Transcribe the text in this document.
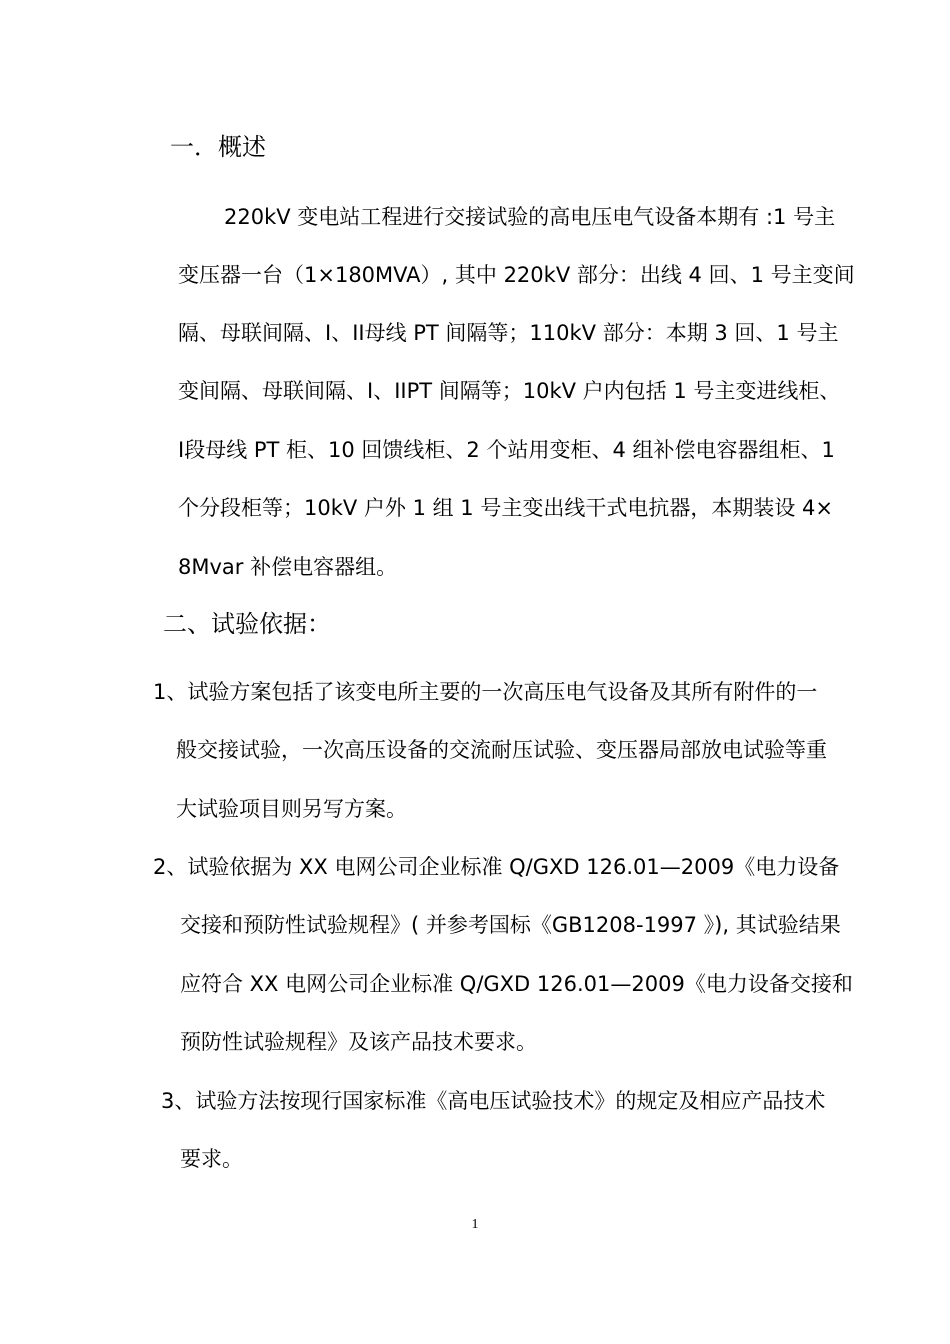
一．概述
220kV 变电站工程进行交接试验的高电压电气设备本期有 :1 号主
变压器一台（1×180MVA）, 其中 220kV 部分：出线 4 回、1 号主变间
隔、母联间隔、I、II母线 PT 间隔等；110kV 部分：本期 3 回、1 号主
变间隔、母联间隔、I、IIPT 间隔等；10kV 户内包括 1 号主变进线柜、
I段母线 PT 柜、10 回馈线柜、2 个站用变柜、4 组补偿电容器组柜、1
个分段柜等；10kV 户外 1 组 1 号主变出线干式电抗器，本期装设 4×
8Mvar 补偿电容器组。
二、试验依据：
1、试验方案包括了该变电所主要的一次高压电气设备及其所有附件的一
般交接试验，一次高压设备的交流耐压试验、变压器局部放电试验等重
大试验项目则另写方案。
2、试验依据为 XX 电网公司企业标准 Q/GXD 126.01—2009《电力设备
交接和预防性试验规程》( 并参考国标《GB1208-1997 》), 其试验结果
应符合 XX 电网公司企业标准 Q/GXD 126.01—2009《电力设备交接和
预防性试验规程》及该产品技术要求。
3、试验方法按现行国家标准《高电压试验技术》的规定及相应产品技术
要求。
1
